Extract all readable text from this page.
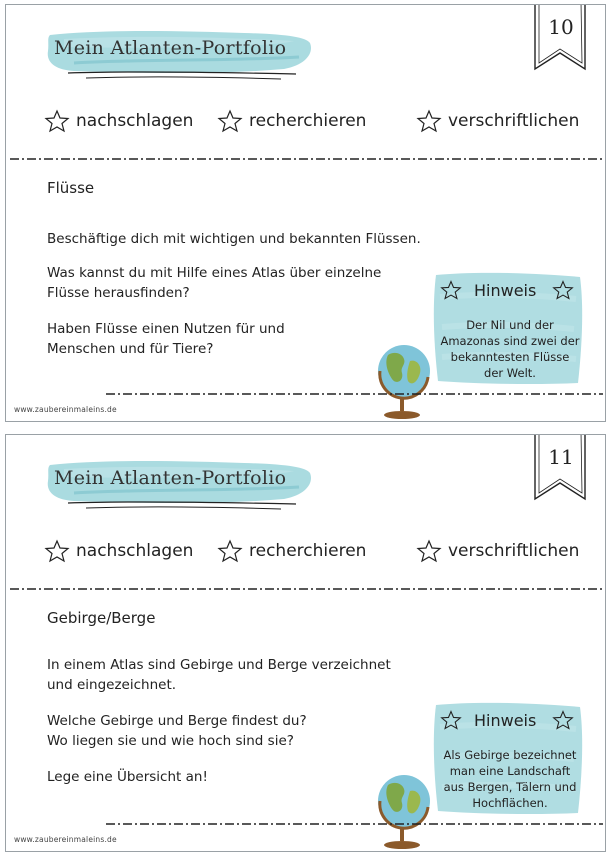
Mein Atlanten-Portfolio
10
nachschlagen	recherchieren	verschriftlichen
Flüsse
Beschäftige dich mit wichtigen und bekannten Flüssen.
Was kannst du mit Hilfe eines Atlas über einzelne Flüsse herausfinden?
Haben Flüsse einen Nutzen für und Menschen und für Tiere?
Hinweis
Der Nil und der Amazonas sind zwei der bekanntesten Flüsse der Welt.
www.zaubereinmaleins.de
Mein Atlanten-Portfolio
11
nachschlagen	recherchieren	verschriftlichen
Gebirge/Berge
In einem Atlas sind Gebirge und Berge verzeichnet und eingezeichnet.
Welche Gebirge und Berge findest du? Wo liegen sie und wie hoch sind sie?
Lege eine Übersicht an!
Hinweis
Als Gebirge bezeichnet man eine Landschaft aus Bergen, Tälern und Hochflächen.
www.zaubereinmaleins.de
